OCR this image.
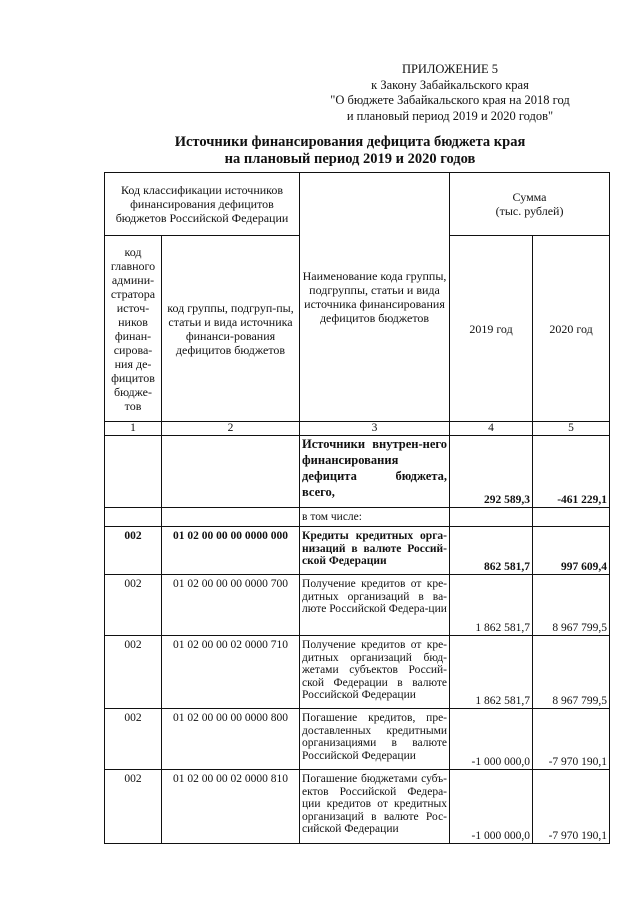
ПРИЛОЖЕНИЕ 5
к Закону Забайкальского края
"О бюджете Забайкальского края на 2018 год
и плановый период 2019 и 2020 годов"
Источники финансирования дефицита бюджета края
на плановый период 2019 и 2020 годов
Код классификации источников финансирования дефицитов бюджетов Российской Федерации		Наименование кода группы, подгруппы, статьи и вида источника финансирования дефицитов бюджетов	Сумма
(тыс. рублей)	

код главного админи-стратора источ-ников финан-сирова-ния де-фицитов бюдже-тов	код группы, подгруп-пы, статьи и вида источника финанси-рования дефицитов бюджетов		2019 год	2020 год
1	2	3	4	5
		Источники внутрен-него финансирования дефицита бюджета, всего,	292 589,3	-461 229,1
		в том числе:		
002	01 02 00 00 00 0000 000	Кредиты кредитных орга-низаций в валюте Россий-ской Федерации	862 581,7	997 609,4
002	01 02 00 00 00 0000 700	Получение кредитов от кре-дитных организаций в ва-люте Российской Федера-ции	1 862 581,7	8 967 799,5
002	01 02 00 00 02 0000 710	Получение кредитов от кре-дитных организаций бюд-жетами субъектов Россий-ской Федерации в валюте Российской Федерации	1 862 581,7	8 967 799,5
002	01 02 00 00 00 0000 800	Погашение кредитов, пре-доставленных кредитными организациями в валюте Российской Федерации	-1 000 000,0	-7 970 190,1
002	01 02 00 00 02 0000 810	Погашение бюджетами субъ-ектов Российской Федера-ции кредитов от кредитных организаций в валюте Рос-сийской Федерации	-1 000 000,0	-7 970 190,1
